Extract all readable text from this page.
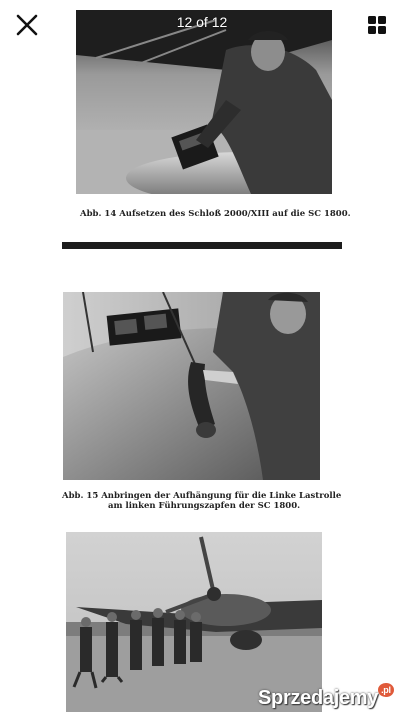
12 of 12
Abb. 14 Aufsetzen des Schloß 2000/XIII auf die SC 1800.
Abb. 15 Anbringen der Aufhängung für die Linke Lastrolle
am linken Führungszapfen der SC 1800.
Sprzedajemy $^{.pl}$
